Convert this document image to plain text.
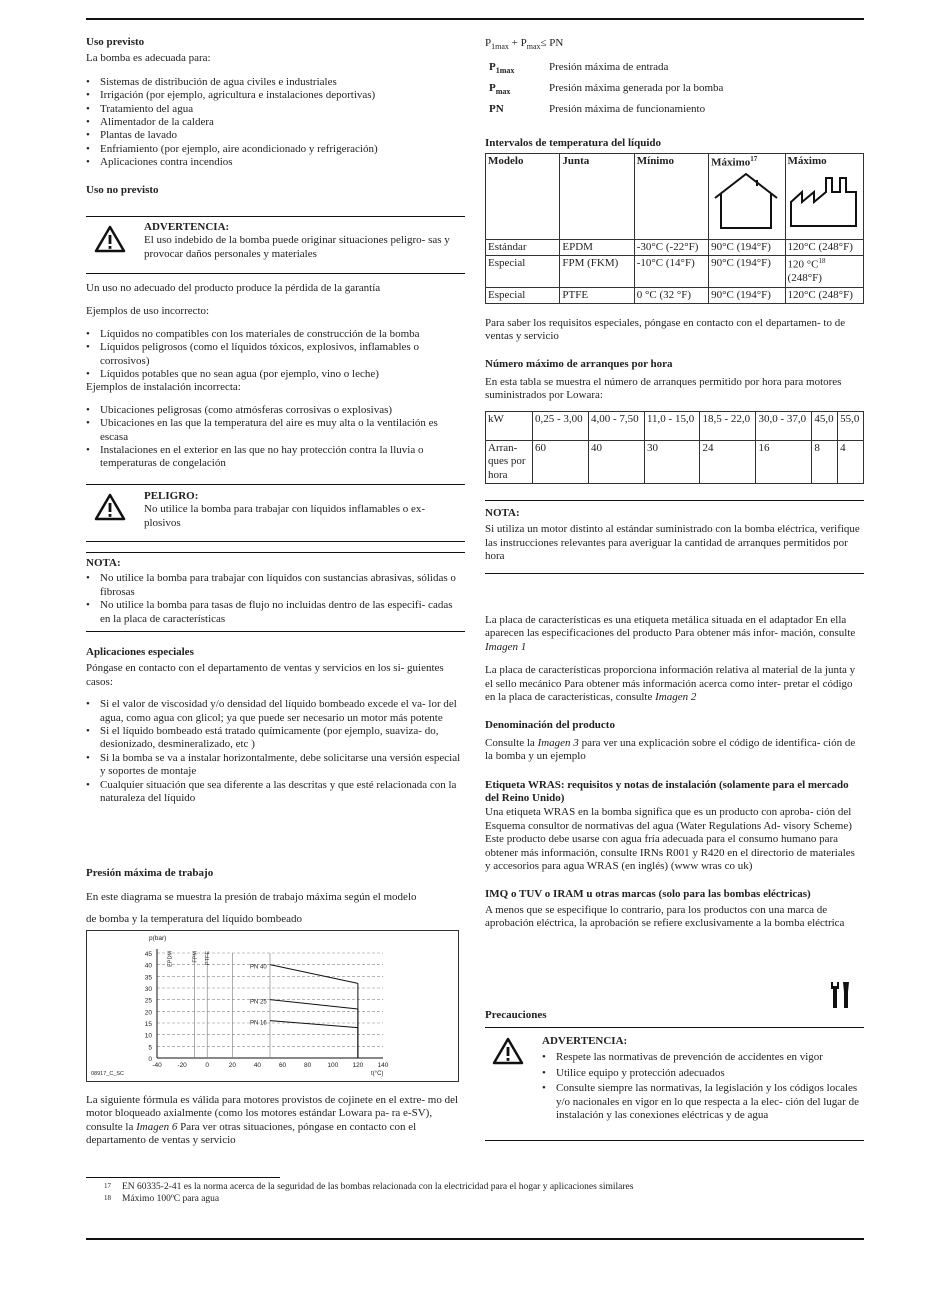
Uso previsto

La bomba es adecuada para:

• Sistemas de distribución de agua civiles e industriales
• Irrigación (por ejemplo, agricultura e instalaciones deportivas)
• Tratamiento del agua
• Alimentador de la caldera
• Plantas de lavado
• Enfriamiento (por ejemplo, aire acondicionado y refrigeración)
• Aplicaciones contra incendios
Uso no previsto
ADVERTENCIA:
El uso indebido de la bomba puede originar situaciones peligro- sas y provocar daños personales y materiales

Un uso no adecuado del producto produce la pérdida de la garantía

Ejemplos de uso incorrecto:

• Líquidos no compatibles con los materiales de construcción de la bomba
• Líquidos peligrosos (como el líquidos tóxicos, explosivos, inflamables o corrosivos)
• Líquidos potables que no sean agua (por ejemplo, vino o leche)

Ejemplos de instalación incorrecta:

• Ubicaciones peligrosas (como atmósferas corrosivas o explosivas)
• Ubicaciones en las que la temperatura del aire es muy alta o la ventilación es escasa
• Instalaciones en el exterior en las que no hay protección contra la lluvia o temperaturas de congelación
PELIGRO:
No utilice la bomba para trabajar con líquidos inflamables o ex- plosivos
NOTA:
• No utilice la bomba para trabajar con líquidos con sustancias abrasivas, sólidas o fibrosas
• No utilice la bomba para tasas de flujo no incluidas dentro de las especifi- cadas en la placa de características
Aplicaciones especiales

Póngase en contacto con el departamento de ventas y servicios en los si- guientes casos:

• Si el valor de viscosidad y/o densidad del líquido bombeado excede el va- lor del agua, como agua con glicol; ya que puede ser necesario un motor más potente
• Si el líquido bombeado está tratado químicamente (por ejemplo, suaviza- do, desionizado, desmineralizado, etc )
• Si la bomba se va a instalar horizontalmente, debe solicitarse una versión especial y soportes de montaje
• Cualquier situación que sea diferente a las descritas y que esté relacionada con la naturaleza del líquido
Presión máxima de trabajo

En este diagrama se muestra la presión de trabajo máxima según el modelo

de bomba y la temperatura del líquido bombeado

0
5
10
15
20
25
30
35
40
45
-40 -20	0	20	40	60	80 100 120 140
EPDM	FPM PTFE
PN 40
PN 25
PN 16
p(bar)
t(°C)
08917_C_SC

La siguiente fórmula es válida para motores provistos de cojinete en el extre- mo del motor bloqueado axialmente (como los motores estándar Lowara pa- ra e-SV), consulte la Imagen 6 Para ver otras situaciones, póngase en contacto con el departamento de ventas y servicio

$P_{1max} + P_{max}\le$ PN
$P_{1max}$	Presión máxima de entrada
$P_{max}$	Presión máxima generada por la bomba
PN	Presión máxima de funcionamiento
Intervalos de temperatura del líquido
Modelo	Junta	Mínimo	Máximo$^{17}$	Máximo

Estándar	EPDM	-30°C (-22°F)	90°C (194°F)	120°C (248°F)
Especial	FPM (FKM)	-10°C (14°F)	90°C (194°F)	120 $^\circ C^{18}$
(248°F)
Especial	PTFE	0 °C (32 °F)	90°C (194°F)	120°C (248°F)

Para saber los requisitos especiales, póngase en contacto con el departamen- to de ventas y servicio

Número máximo de arranques por hora

En esta tabla se muestra el número de arranques permitido por hora para motores suministrados por Lowara:

kW	0,25 - 3,00	4,00 - 7,50	11,0 - 15,0	18,5 - 22,0	30,0 - 37,0	45,0	55,0
Arran- ques por hora	60	40	30	24	16	8	4
NOTA:

Si utiliza un motor distinto al estándar suministrado con la bomba eléctrica, verifique las instrucciones relevantes para averiguar la cantidad de arranques permitidos por hora

La placa de características es una etiqueta metálica situada en el adaptador En ella aparecen las especificaciones del producto Para obtener más infor- mación, consulte Imagen 1

La placa de características proporciona información relativa al material de la junta y el sello mecánico Para obtener más información acerca como inter- pretar el código en la placa de características, consulte Imagen 2

Denominación del producto

Consulte la Imagen 3 para ver una explicación sobre el código de identifica- ción de la bomba y un ejemplo

Etiqueta WRAS: requisitos y notas de instalación (solamente para el mercado del Reino Unido)

Una etiqueta WRAS en la bomba significa que es un producto con aproba- ción del Esquema consultor de normativas del agua (Water Regulations Ad- visory Scheme) Este producto debe usarse con agua fría adecuada para el consumo humano para obtener más información, consulte IRNs R001 y R420 en el directorio de materiales y accesorios para agua WRAS (en inglés) (www wras co uk)

IMQ o TUV o IRAM u otras marcas (solo para las bombas eléctricas)

A menos que se especifique lo contrario, para los productos con una marca de aprobación eléctrica, la aprobación se refiere exclusivamente a la bomba eléctrica

Precauciones
ADVERTENCIA:
• Respete las normativas de prevención de accidentes en vigor
• Utilice equipo y protección adecuados
• Consulte siempre las normativas, la legislación y los códigos locales y/o nacionales en vigor en lo que respecta a la elec- ción del lugar de instalación y las conexiones eléctricas y de agua
17 EN 60335-2-41 es la norma acerca de la seguridad de las bombas relacionada con la electricidad para el hogar y aplicaciones similares
18 Máximo 100ºC para agua
